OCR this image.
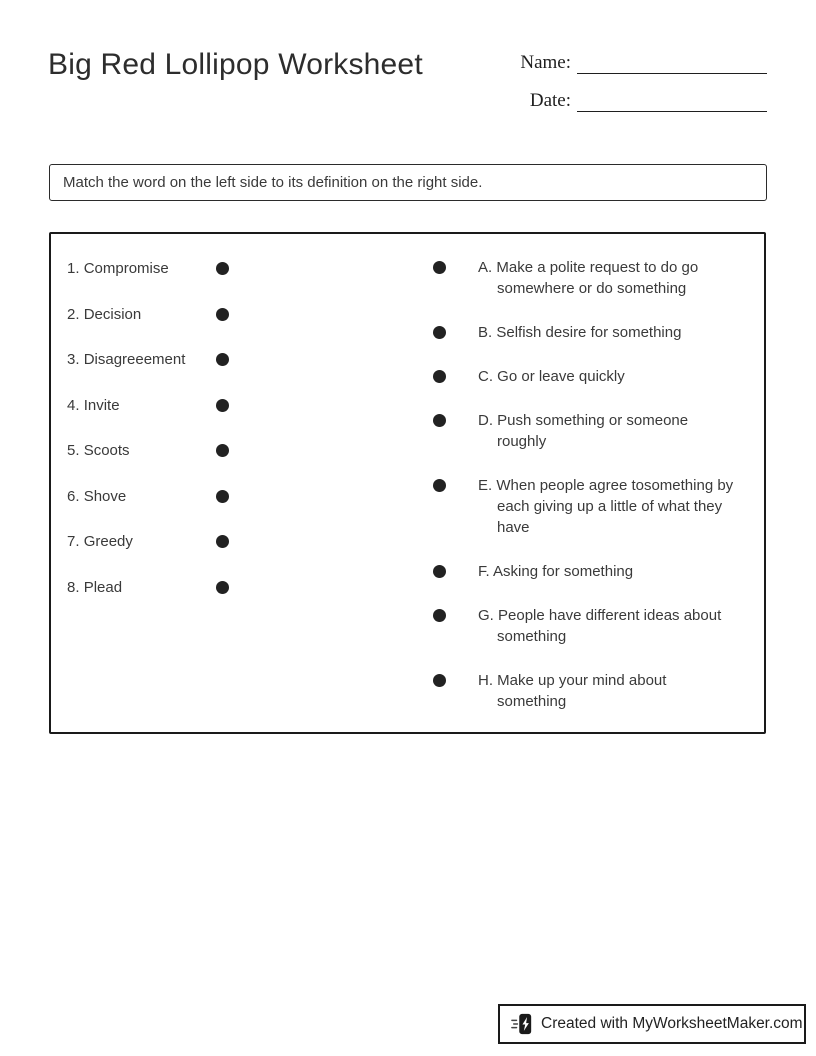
Big Red Lollipop Worksheet	Name:
Date:
Match the word on the left side to its definition on the right side.
1. Compromise
2. Decision
3. Disagreeement
4. Invite
5. Scoots
6. Shove
7. Greedy
8. Plead
A. Make a polite request to do go
somewhere or do something
B. Selfish desire for something
C. Go or leave quickly
D. Push something or someone
roughly
E. When people agree tosomething by
each giving up a little of what they
have
F. Asking for something
G. People have different ideas about
something
H. Make up your mind about
something
Created with MyWorksheetMaker.com
